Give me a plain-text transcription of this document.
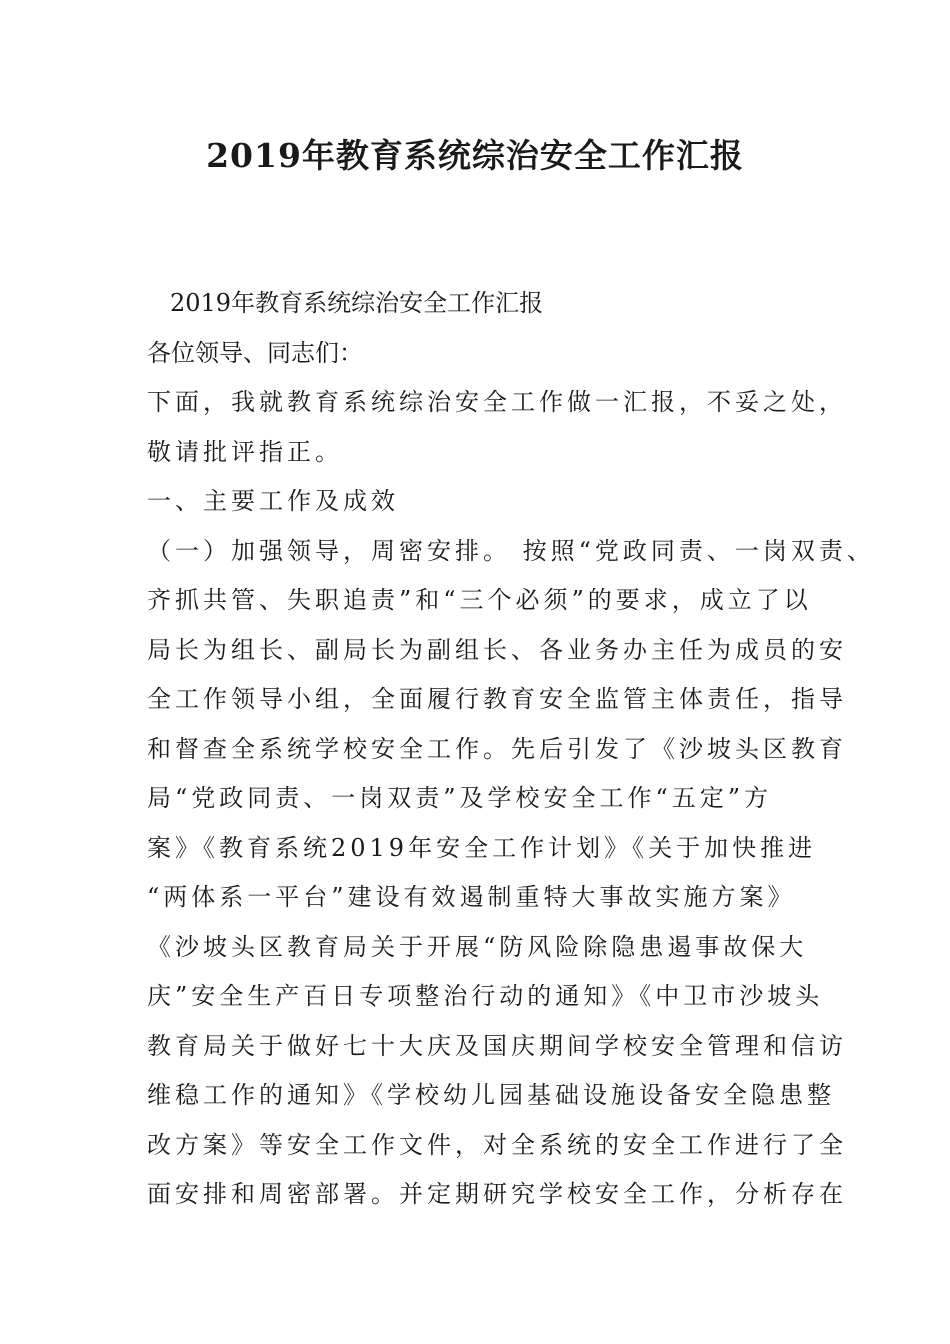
2019年教育系统综治安全工作汇报
2019年教育系统综治安全工作汇报
各位领导、同志们：
下面，我就教育系统综治安全工作做一汇报，不妥之处，
敬请批评指正。
一、主要工作及成效
（一）加强领导，周密安排。 按照“党政同责、一岗双责、
齐抓共管、失职追责”和“三个必须”的要求，成立了以
局长为组长、副局长为副组长、各业务办主任为成员的安
全工作领导小组，全面履行教育安全监管主体责任，指导
和督查全系统学校安全工作。先后引发了《沙坡头区教育
局“党政同责、一岗双责”及学校安全工作“五定”方
案》《教育系统2019年安全工作计划》《关于加快推进
“两体系一平台”建设有效遏制重特大事故实施方案》
《沙坡头区教育局关于开展“防风险除隐患遏事故保大
庆”安全生产百日专项整治行动的通知》《中卫市沙坡头
教育局关于做好七十大庆及国庆期间学校安全管理和信访
维稳工作的通知》《学校幼儿园基础设施设备安全隐患整
改方案》等安全工作文件，对全系统的安全工作进行了全
面安排和周密部署。并定期研究学校安全工作，分析存在
